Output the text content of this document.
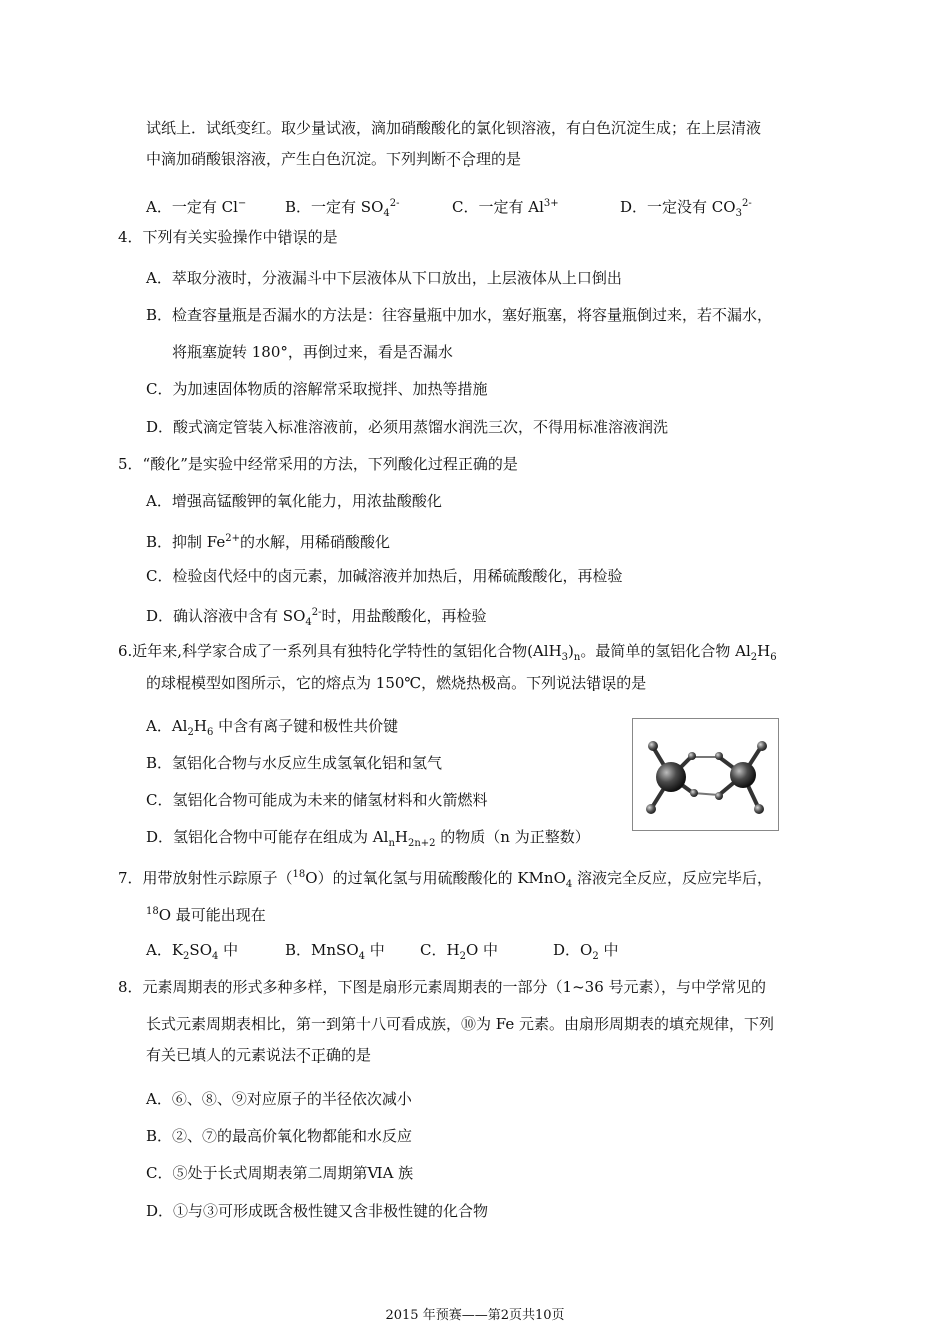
试纸上．试纸变红。取少量试液，滴加硝酸酸化的氯化钡溶液，有白色沉淀生成；在上层清液
中滴加硝酸银溶液，产生白色沉淀。下列判断不合理的是
A．一定有 Cl−	B．一定有 $SO_4^{2-}$	C．一定有 $Al^{3+}$	D．一定没有 $CO_3^{2-}$
4．下列有关实验操作中错误的是
A．萃取分液时，分液漏斗中下层液体从下口放出，上层液体从上口倒出
B．检查容量瓶是否漏水的方法是：往容量瓶中加水，塞好瓶塞，将容量瓶倒过来，若不漏水，
将瓶塞旋转 180°，再倒过来，看是否漏水
C．为加速固体物质的溶解常采取搅拌、加热等措施
D．酸式滴定管装入标准溶液前，必须用蒸馏水润洗三次，不得用标准溶液润洗
5．“酸化”是实验中经常采用的方法，下列酸化过程正确的是
A．增强高锰酸钾的氧化能力，用浓盐酸酸化
B．抑制 $Fe^{2+}$的水解，用稀硝酸酸化
C．检验卤代烃中的卤元素，加碱溶液并加热后，用稀硫酸酸化，再检验
D．确认溶液中含有 $SO_4^{2-}$时，用盐酸酸化，再检验
6.近年来,科学家合成了一系列具有独特化学特性的氢铝化合物$(AlH_3)_n$。最简单的氢铝化合物 $Al_2H_6$
的球棍模型如图所示，它的熔点为 150℃，燃烧热极高。下列说法错误的是
A．$Al_2H_6$ 中含有离子键和极性共价键
B．氢铝化合物与水反应生成氢氧化铝和氢气
C．氢铝化合物可能成为未来的储氢材料和火箭燃料
D．氢铝化合物中可能存在组成为 $Al_nH_{2n+2}$ 的物质（n 为正整数）
7．用带放射性示踪原子（$^{18}$O）的过氧化氢与用硫酸酸化的 KMnO$_4$ 溶液完全反应，反应完毕后，
$^{18}$O 最可能出现在
A．$K_2SO_4$ 中	B．MnSO$_4$ 中 C．$H_2O$ 中	D．$O_2$ 中
8．元素周期表的形式多种多样，下图是扇形元素周期表的一部分（1~36 号元素），与中学常见的
长式元素周期表相比，第一到第十八可看成族，⑩为 Fe 元素。由扇形周期表的填充规律，下列
有关已填人的元素说法不正确的是
A．⑥、⑧、⑨对应原子的半径依次减小
B．②、⑦的最高价氧化物都能和水反应
C．⑤处于长式周期表第二周期第ⅥA 族
D．①与③可形成既含极性键又含非极性键的化合物
2015 年预赛——第2页共10页
